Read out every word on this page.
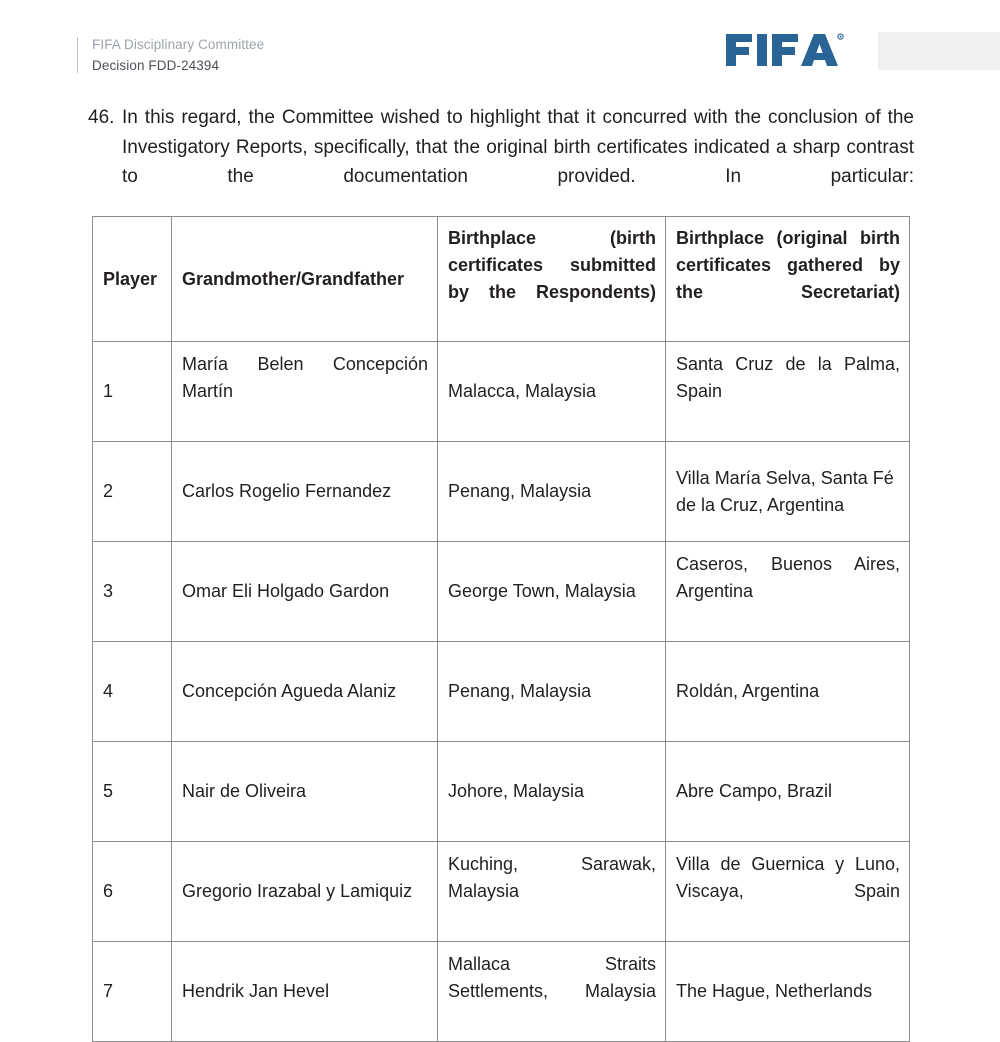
FIFA Disciplinary Committee
Decision FDD-24394
46. In this regard, the Committee wished to highlight that it concurred with the conclusion of the Investigatory Reports, specifically, that the original birth certificates indicated a sharp contrast to the documentation provided. In particular:
Player	Grandmother/Grandfather	Birthplace (birth certificates submitted by the Respondents)	Birthplace (original birth certificates gathered by the Secretariat)
1	María Belen Concepción Martín	Malacca, Malaysia	Santa Cruz de la Palma, Spain
2	Carlos Rogelio Fernandez	Penang, Malaysia	Villa María Selva, Santa Fé de la Cruz, Argentina
3	Omar Eli Holgado Gardon	George Town, Malaysia	Caseros, Buenos Aires, Argentina
4	Concepción Agueda Alaniz	Penang, Malaysia	Roldán, Argentina
5	Nair de Oliveira	Johore, Malaysia	Abre Campo, Brazil
6	Gregorio Irazabal y Lamiquiz	Kuching, Sarawak, Malaysia	Villa de Guernica y Luno, Viscaya, Spain
7	Hendrik Jan Hevel	Mallaca Straits Settlements, Malaysia	The Hague, Netherlands
